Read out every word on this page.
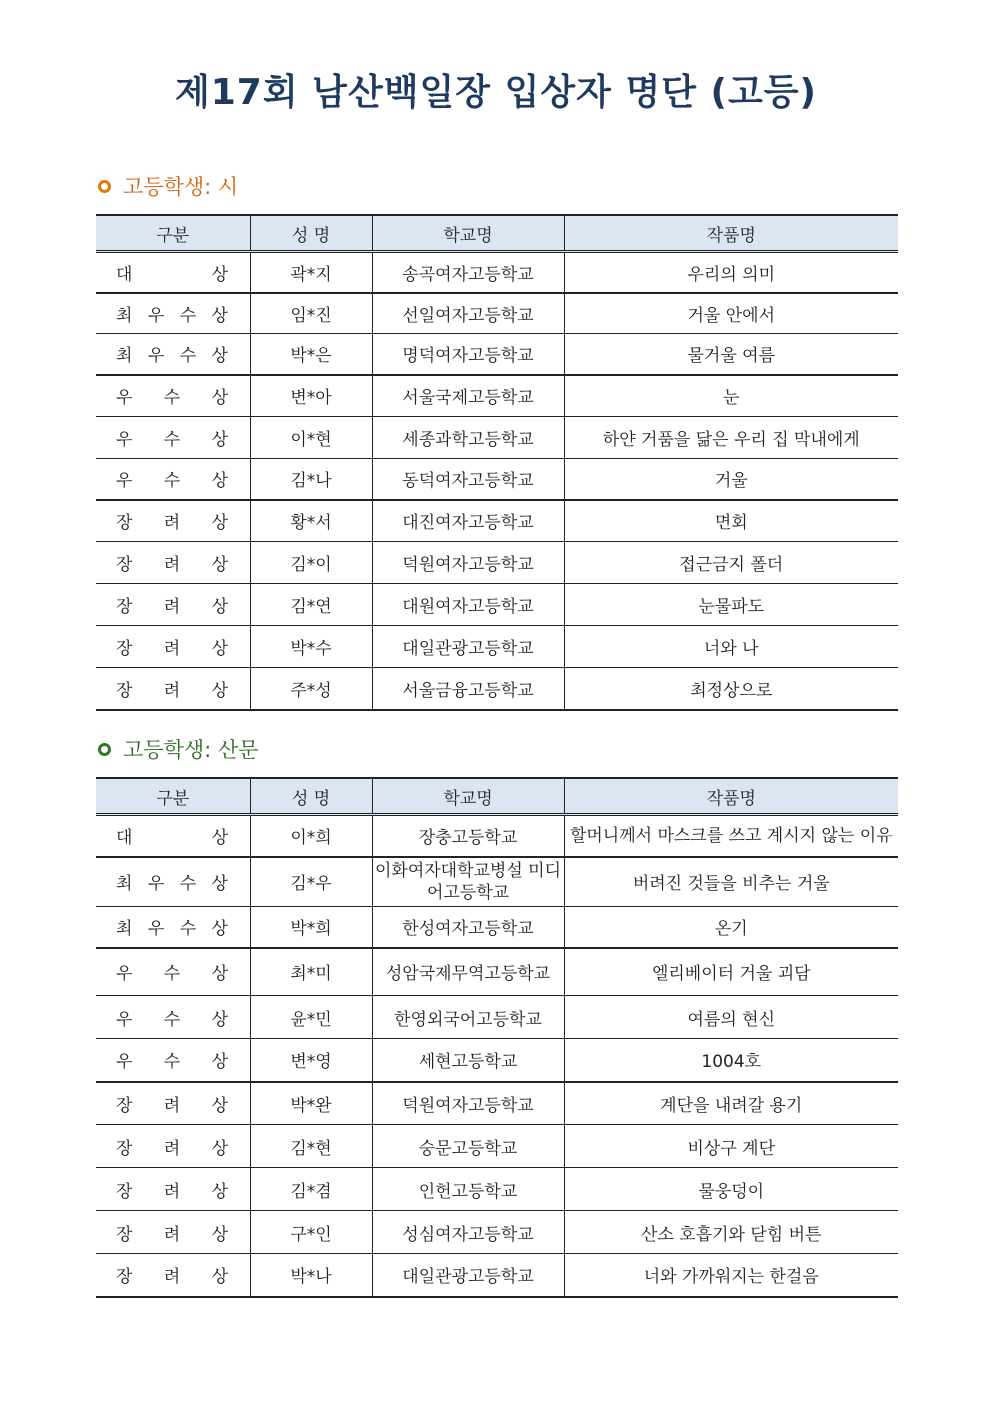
제17회 남산백일장 입상자 명단 (고등)
고등학생: 시
구분	성 명	학교명	작품명

대 상	곽*지	송곡여자고등학교	우리의 의미

최 우 수 상	임*진	선일여자고등학교	거울 안에서

최 우 수 상	박*은	명덕여자고등학교	물거울 여름

우 수 상	변*아	서울국제고등학교	눈

우 수 상	이*현	세종과학고등학교	하얀 거품을 닮은 우리 집 막내에게

우 수 상	김*나	동덕여자고등학교	거울

장 려 상	황*서	대진여자고등학교	면회

장 려 상	김*이	덕원여자고등학교	접근금지 폴더

장 려 상	김*연	대원여자고등학교	눈물파도

장 려 상	박*수	대일관광고등학교	너와 나

장 려 상	주*성	서울금융고등학교	최정상으로
고등학생: 산문
구분	성 명	학교명	작품명

대 상	이*희	장충고등학교	할머니께서 마스크를 쓰고 계시지 않는 이유

최 우 수 상	김*우	이화여자대학교병설 미디어고등학교	버려진 것들을 비추는 거울

최 우 수 상	박*희	한성여자고등학교	온기

우 수 상	최*미	성암국제무역고등학교	엘리베이터 거울 괴담

우 수 상	윤*민	한영외국어고등학교	여름의 현신

우 수 상	변*영	세현고등학교	1004호

장 려 상	박*완	덕원여자고등학교	계단을 내려갈 용기

장 려 상	김*현	숭문고등학교	비상구 계단

장 려 상	김*겸	인헌고등학교	물웅덩이

장 려 상	구*인	성심여자고등학교	산소 호흡기와 닫힘 버튼

장 려 상	박*나	대일관광고등학교	너와 가까워지는 한걸음
